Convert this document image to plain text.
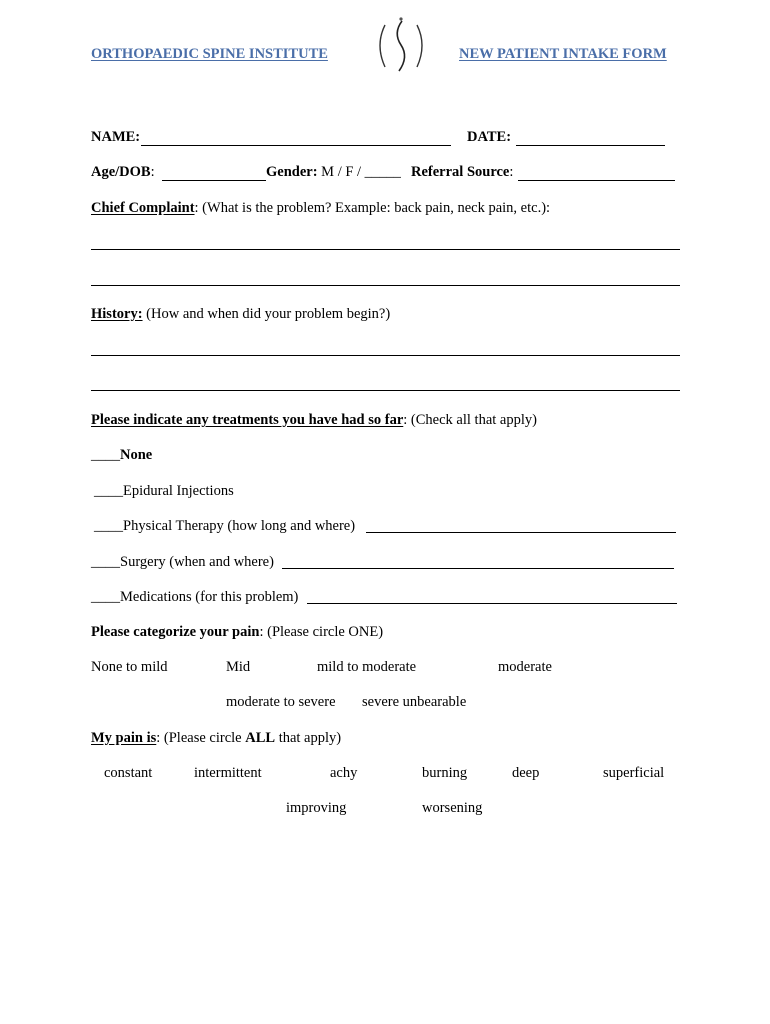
ORTHOPAEDIC SPINE INSTITUTE	NEW PATIENT INTAKE FORM
NAME:	DATE:
Age/DOB:	Gender: M / F / _____ Referral Source:
Chief Complaint: (What is the problem? Example: back pain, neck pain, etc.):
History: (How and when did your problem begin?)
Please indicate any treatments you have had so far: (Check all that apply)
____None
____Epidural Injections
____Physical Therapy (how long and where)
____Surgery (when and where)
____Medications (for this problem)
Please categorize your pain: (Please circle ONE)
None to mild	Mid	mild to moderate	moderate
moderate to severe severe unbearable
My pain is: (Please circle ALL that apply)
constant	intermittent	achy	burning	deep	superficial
improving	worsening
